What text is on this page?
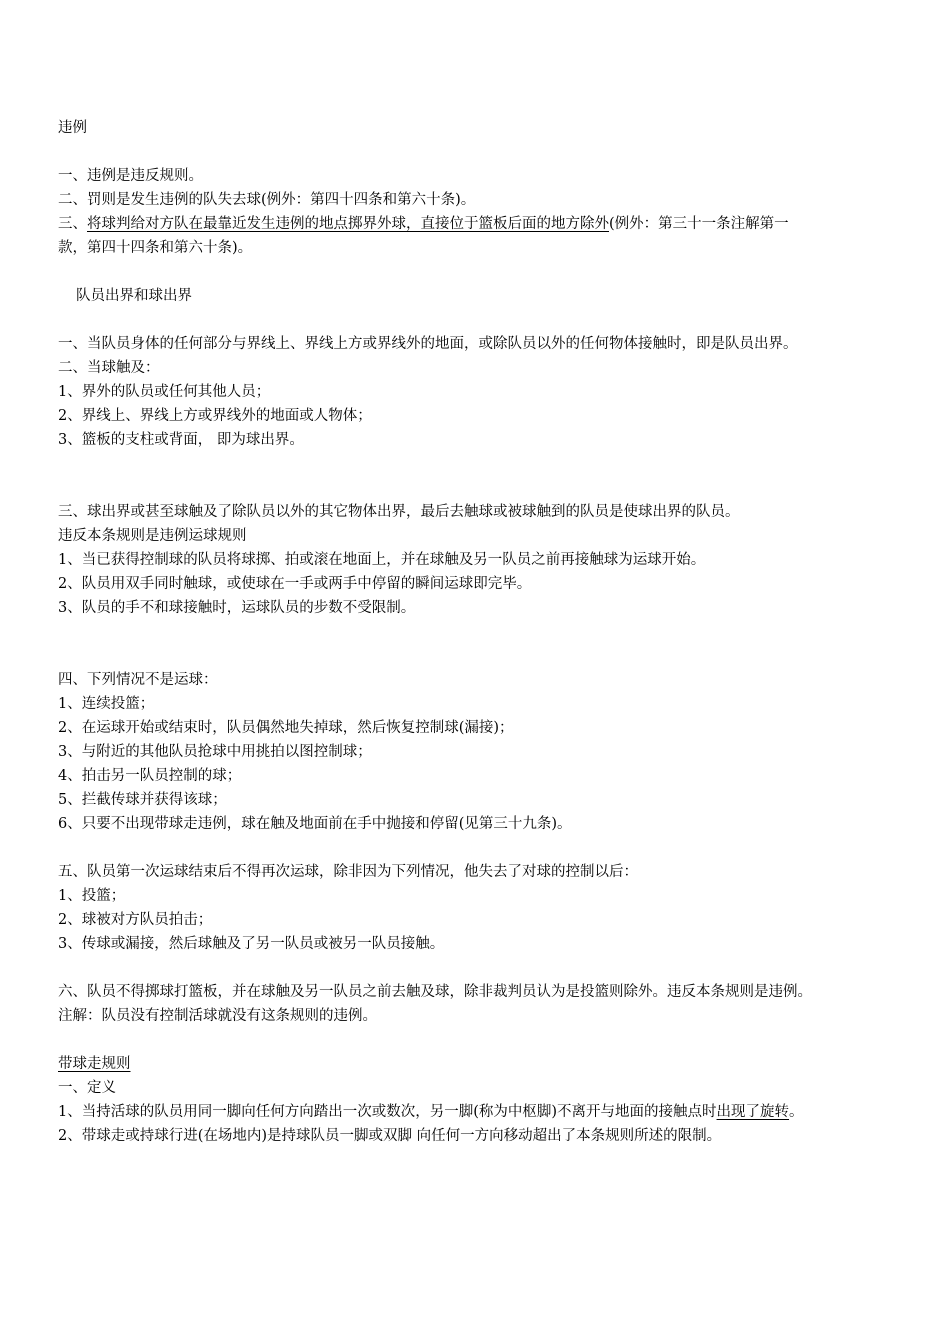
违例
一、违例是违反规则。
二、罚则是发生违例的队失去球(例外：第四十四条和第六十条)。
三、将球判给对方队在最靠近发生违例的地点掷界外球，直接位于篮板后面的地方除外(例外：第三十一条注解第一
款，第四十四条和第六十条)。
队员出界和球出界
一、当队员身体的任何部分与界线上、界线上方或界线外的地面，或除队员以外的任何物体接触时，即是队员出界。
二、当球触及：
1、界外的队员或任何其他人员；
2、界线上、界线上方或界线外的地面或人物体；
3、篮板的支柱或背面， 即为球出界。
三、球出界或甚至球触及了除队员以外的其它物体出界，最后去触球或被球触到的队员是使球出界的队员。
违反本条规则是违例运球规则
1、当已获得控制球的队员将球掷、拍或滚在地面上，并在球触及另一队员之前再接触球为运球开始。
2、队员用双手同时触球，或使球在一手或两手中停留的瞬间运球即完毕。
3、队员的手不和球接触时，运球队员的步数不受限制。
四、下列情况不是运球：
1、连续投篮；
2、在运球开始或结束时，队员偶然地失掉球，然后恢复控制球(漏接)；
3、与附近的其他队员抢球中用挑拍以图控制球；
4、拍击另一队员控制的球；
5、拦截传球并获得该球；
6、只要不出现带球走违例，球在触及地面前在手中抛接和停留(见第三十九条)。
五、队员第一次运球结束后不得再次运球，除非因为下列情况，他失去了对球的控制以后：
1、投篮；
2、球被对方队员拍击；
3、传球或漏接，然后球触及了另一队员或被另一队员接触。
六、队员不得掷球打篮板，并在球触及另一队员之前去触及球，除非裁判员认为是投篮则除外。违反本条规则是违例。
注解：队员没有控制活球就没有这条规则的违例。
带球走规则
一、定义
1、当持活球的队员用同一脚向任何方向踏出一次或数次，另一脚(称为中枢脚)不离开与地面的接触点时出现了旋转。
2、带球走或持球行进(在场地内)是持球队员一脚或双脚 向任何一方向移动超出了本条规则所述的限制。
